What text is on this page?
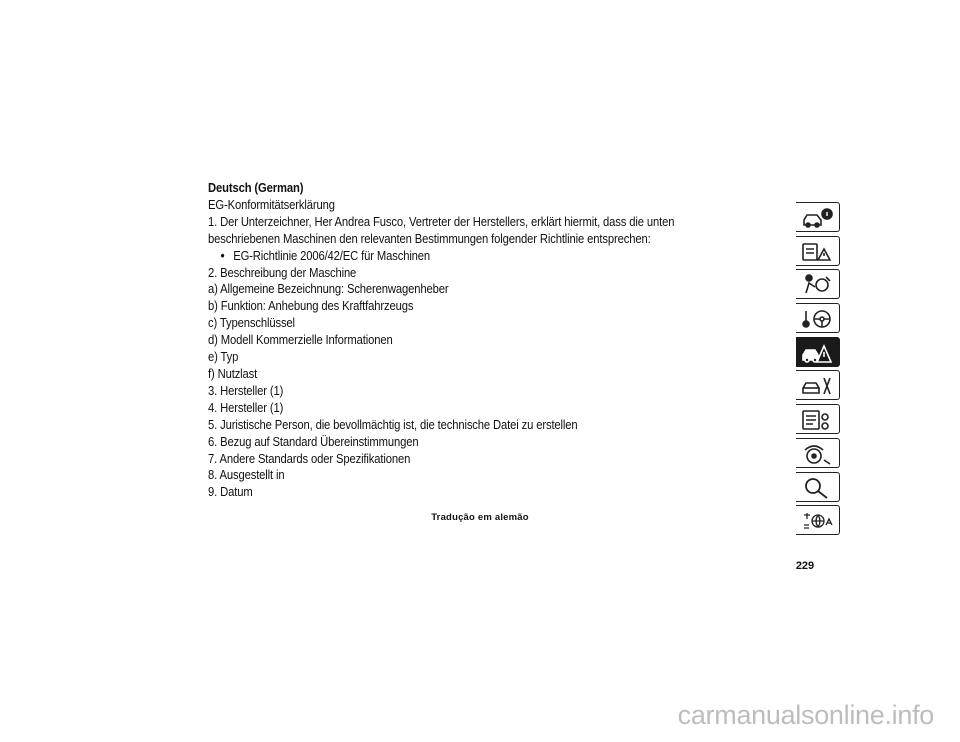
Deutsch (German)
EG-Konformitätserklärung
1. Der Unterzeichner, Her Andrea Fusco, Vertreter der Herstellers, erklärt hiermit, dass die unten
beschriebenen Maschinen den relevanten Bestimmungen folgender Richtlinie entsprechen:
• EG-Richtlinie 2006/42/EC für Maschinen
2. Beschreibung der Maschine
a) Allgemeine Bezeichnung: Scherenwagenheber
b) Funktion: Anhebung des Kraftfahrzeugs
c) Typenschlüssel
d) Modell Kommerzielle Informationen
e) Typ
f) Nutzlast
3. Hersteller (1)
4. Hersteller (1)
5. Juristische Person, die bevollmächtig ist, die technische Datei zu erstellen
6. Bezug auf Standard Übereinstimmungen
7. Andere Standards oder Spezifikationen
8. Ausgestellt in
9. Datum
Tradução em alemão
229
carmanualsonline.info
